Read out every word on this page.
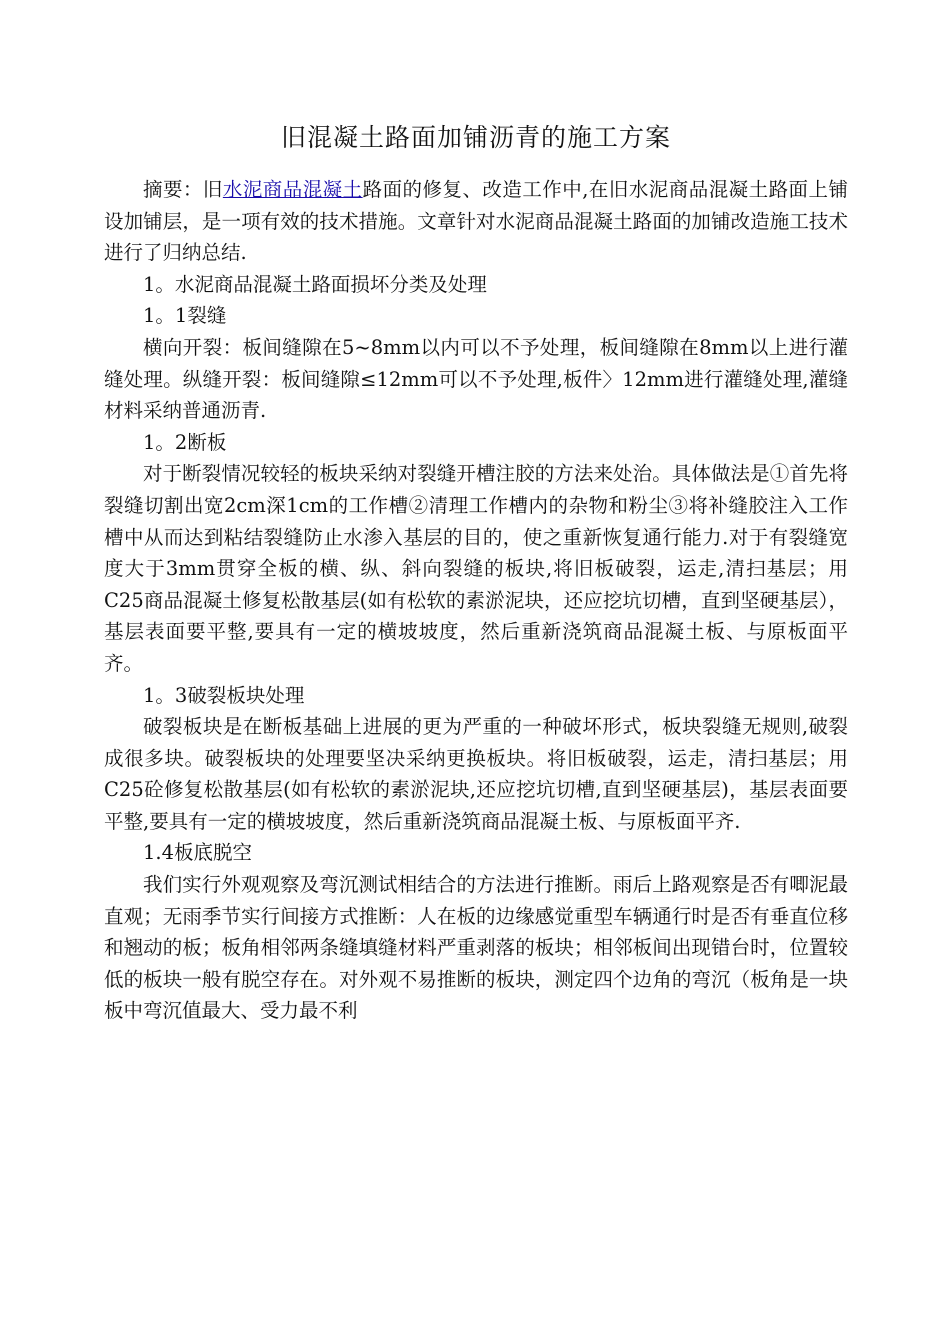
旧混凝土路面加铺沥青的施工方案

摘要：旧水泥商品混凝土路面的修复、改造工作中,在旧水泥商品混凝土路面上铺设加铺层，是一项有效的技术措施。文章针对水泥商品混凝土路面的加铺改造施工技术进行了归纳总结.

1。水泥商品混凝土路面损坏分类及处理

1。1裂缝

横向开裂：板间缝隙在5~8mm以内可以不予处理，板间缝隙在8mm以上进行灌缝处理。纵缝开裂：板间缝隙≤12mm可以不予处理,板件〉12mm进行灌缝处理,灌缝材料采纳普通沥青.

1。2断板

对于断裂情况较轻的板块采纳对裂缝开槽注胶的方法来处治。具体做法是①首先将裂缝切割出宽2cm深1cm的工作槽②清理工作槽内的杂物和粉尘③将补缝胶注入工作槽中从而达到粘结裂缝防止水渗入基层的目的，使之重新恢复通行能力.对于有裂缝宽度大于3mm贯穿全板的横、纵、斜向裂缝的板块,将旧板破裂，运走,清扫基层；用C25商品混凝土修复松散基层(如有松软的素淤泥块，还应挖坑切槽，直到坚硬基层），基层表面要平整,要具有一定的横坡坡度，然后重新浇筑商品混凝土板、与原板面平齐。

1。3破裂板块处理

破裂板块是在断板基础上进展的更为严重的一种破坏形式，板块裂缝无规则,破裂成很多块。破裂板块的处理要坚决采纳更换板块。将旧板破裂，运走，清扫基层；用C25砼修复松散基层(如有松软的素淤泥块,还应挖坑切槽,直到坚硬基层)，基层表面要平整,要具有一定的横坡坡度，然后重新浇筑商品混凝土板、与原板面平齐.

1.4板底脱空

我们实行外观观察及弯沉测试相结合的方法进行推断。雨后上路观察是否有唧泥最直观；无雨季节实行间接方式推断：人在板的边缘感觉重型车辆通行时是否有垂直位移和翘动的板；板角相邻两条缝填缝材料严重剥落的板块；相邻板间出现错台时，位置较低的板块一般有脱空存在。对外观不易推断的板块，测定四个边角的弯沉（板角是一块板中弯沉值最大、受力最不利
